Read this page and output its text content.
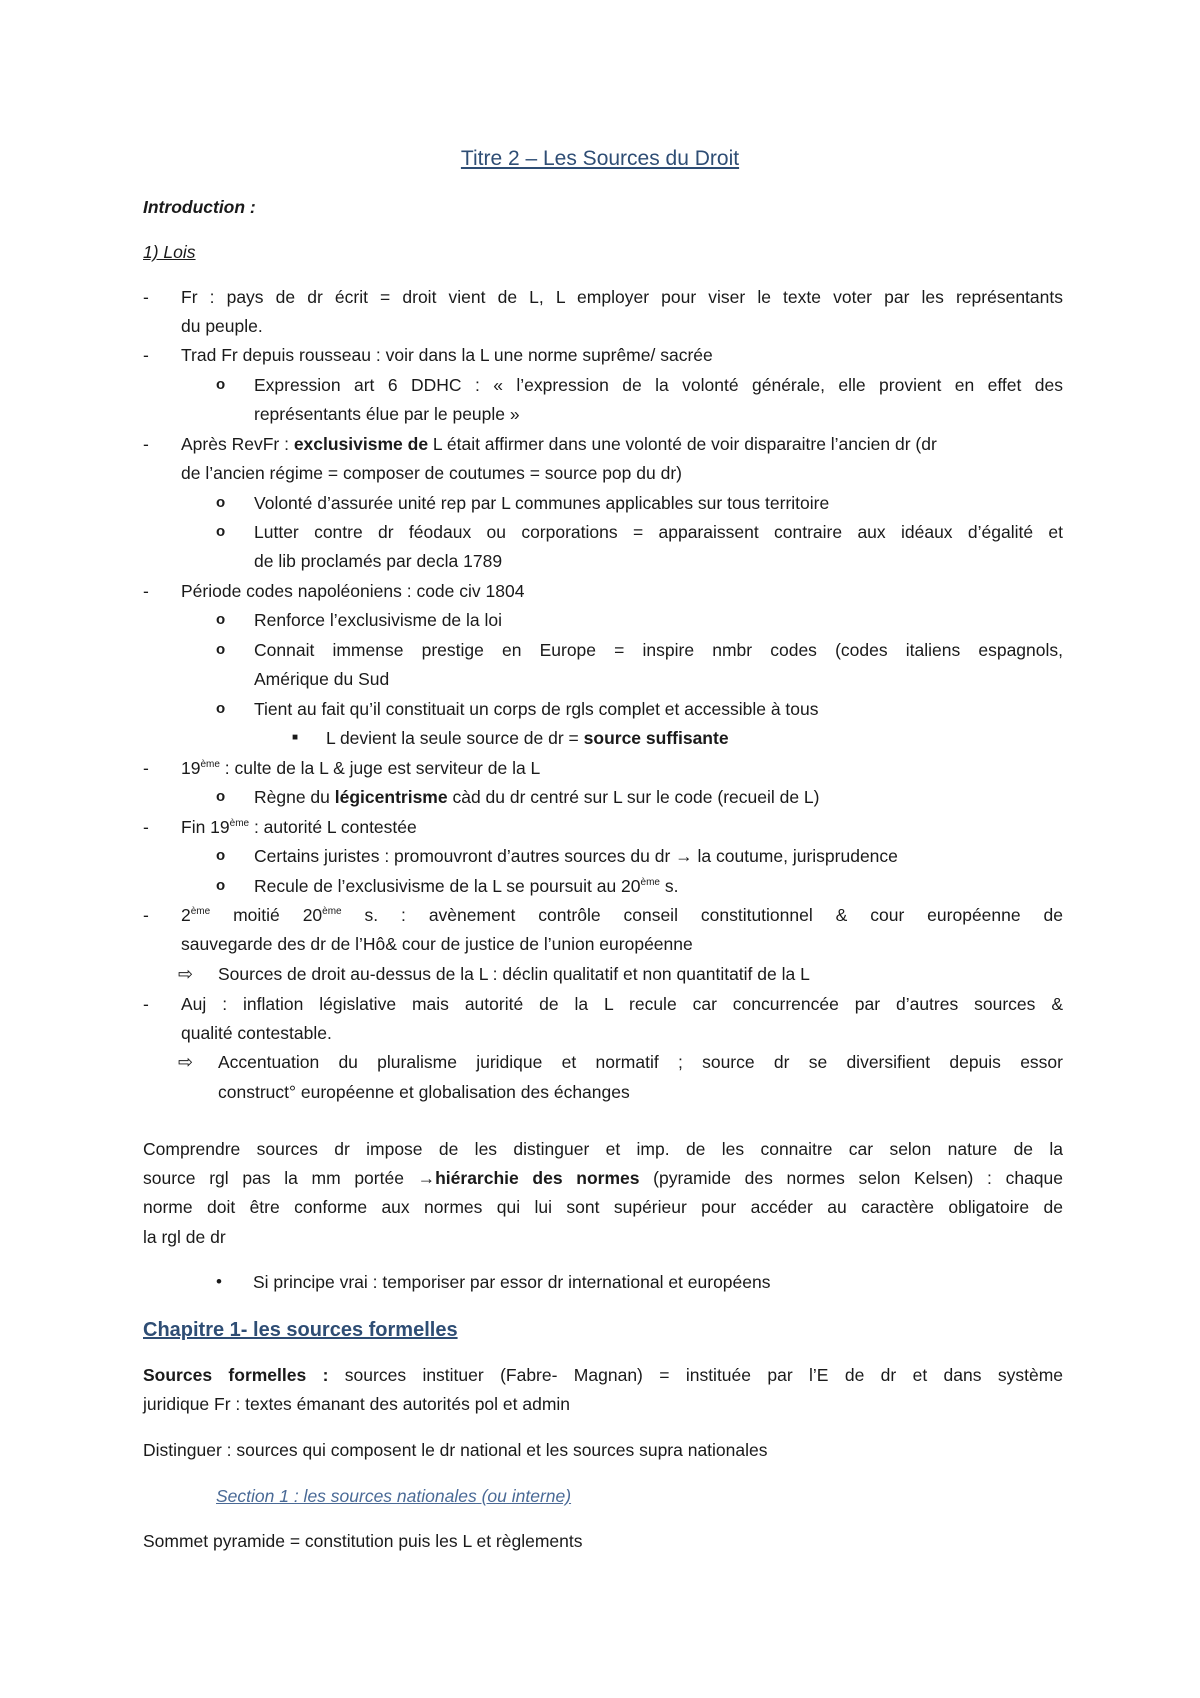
Titre 2 – Les Sources du Droit
Introduction :
1) Lois
- Fr : pays de dr écrit = droit vient de L, L employer pour viser le texte voter par les représentants
du peuple.
- Trad Fr depuis rousseau : voir dans la L une norme suprême/ sacrée
o Expression art 6 DDHC : « l’expression de la volonté générale, elle provient en effet des
représentants élue par le peuple »
- Après RevFr : exclusivisme de L était affirmer dans une volonté de voir disparaitre l’ancien dr (dr
de l’ancien régime = composer de coutumes = source pop du dr)
o Volonté d’assurée unité rep par L communes applicables sur tous territoire
o Lutter contre dr féodaux ou corporations = apparaissent contraire aux idéaux d’égalité et
de lib proclamés par decla 1789
- Période codes napoléoniens : code civ 1804
o Renforce l’exclusivisme de la loi
o Connait immense prestige en Europe = inspire nmbr codes (codes italiens espagnols,
Amérique du Sud
o Tient au fait qu’il constituait un corps de rgls complet et accessible à tous
■ L devient la seule source de dr = source suffisante
- 19ème : culte de la L & juge est serviteur de la L
o Règne du légicentrisme càd du dr centré sur L sur le code (recueil de L)
- Fin 19ème : autorité L contestée
o Certains juristes : promouvront d’autres sources du dr → la coutume, jurisprudence
o Recule de l’exclusivisme de la L se poursuit au 20ème s.
- 2ème moitié 20ème s. : avènement contrôle conseil constitutionnel & cour européenne de
sauvegarde des dr de l’Hô& cour de justice de l’union européenne
⇨ Sources de droit au-dessus de la L : déclin qualitatif et non quantitatif de la L
- Auj : inflation législative mais autorité de la L recule car concurrencée par d’autres sources &
qualité contestable.
⇨ Accentuation du pluralisme juridique et normatif ; source dr se diversifient depuis essor
construct° européenne et globalisation des échanges
Comprendre sources dr impose de les distinguer et imp. de les connaitre car selon nature de la
source rgl pas la mm portée →hiérarchie des normes (pyramide des normes selon Kelsen) : chaque
norme doit être conforme aux normes qui lui sont supérieur pour accéder au caractère obligatoire de
la rgl de dr
• Si principe vrai : temporiser par essor dr international et européens
Chapitre 1- les sources formelles
Sources formelles : sources instituer (Fabre- Magnan) = instituée par l’E de dr et dans système
juridique Fr : textes émanant des autorités pol et admin
Distinguer : sources qui composent le dr national et les sources supra nationales
Section 1 : les sources nationales (ou interne)
Sommet pyramide = constitution puis les L et règlements
